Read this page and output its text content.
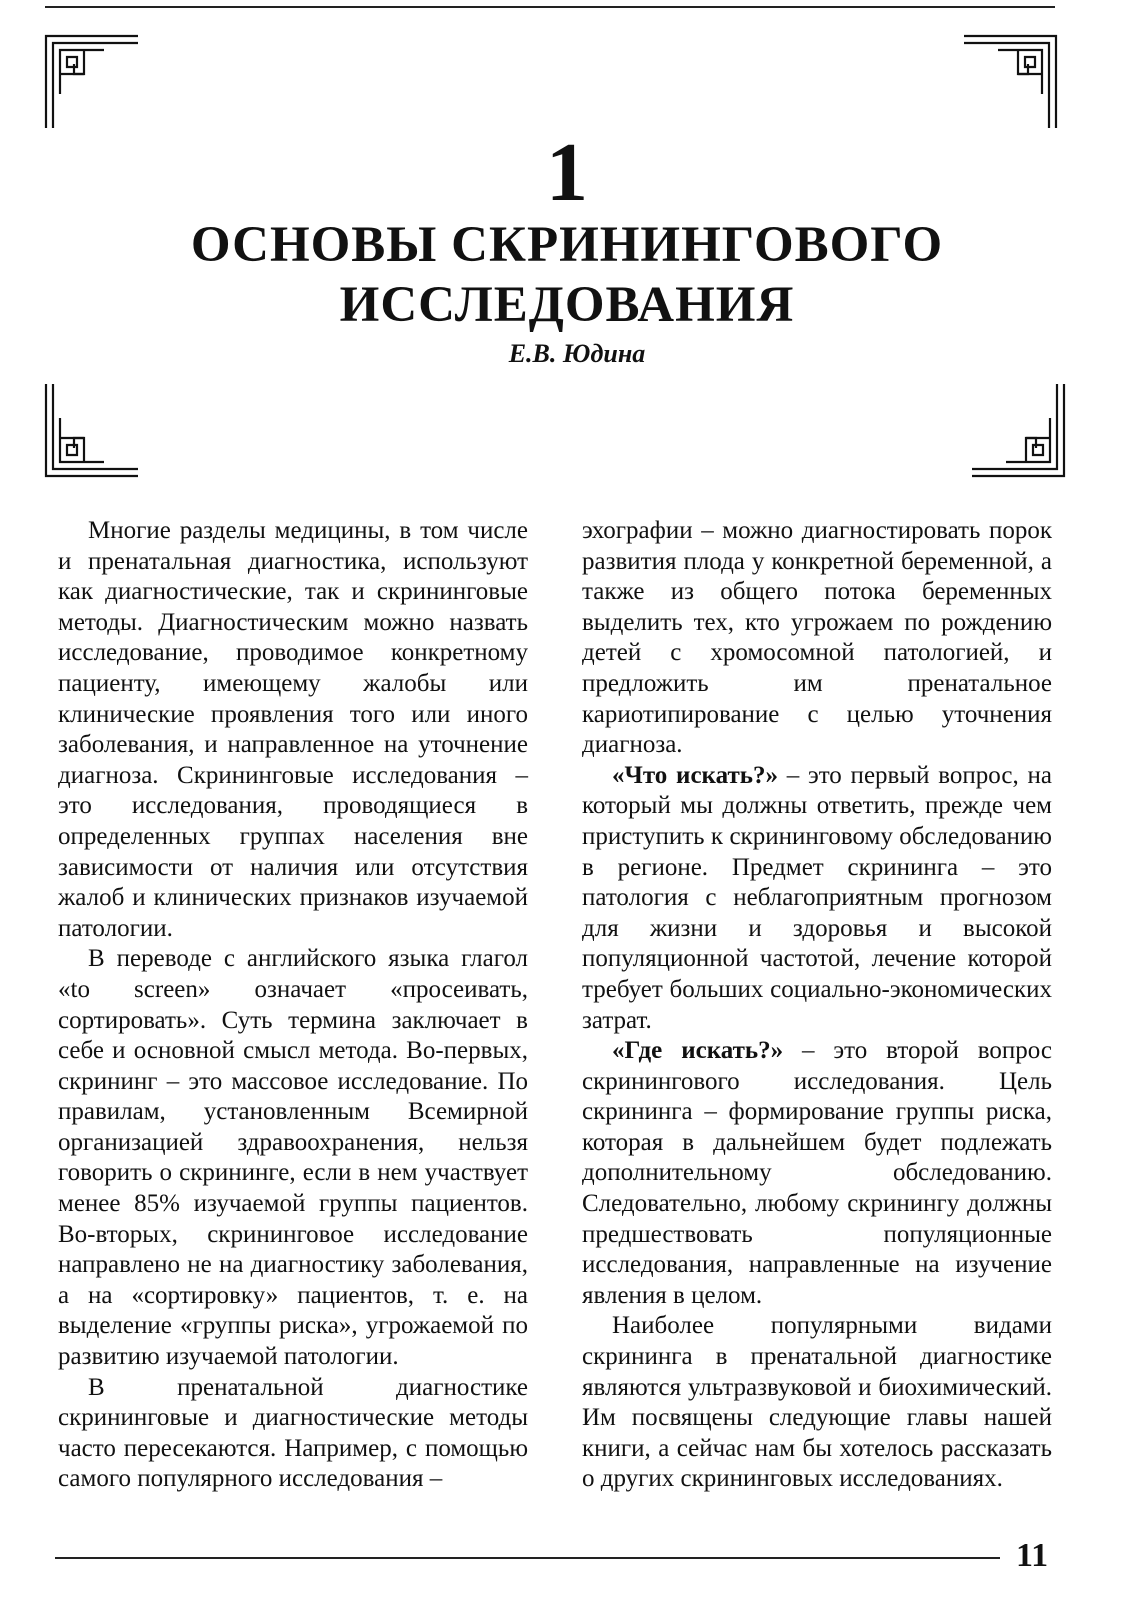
1
ОСНОВЫ СКРИНИНГОВОГО
ИССЛЕДОВАНИЯ
Е.В. Юдина

Многие разделы медицины, в том числе и пренатальная диагностика, используют как диагностические, так и скрининговые методы. Диагностическим можно назвать исследование, проводимое конкретному пациенту, имеющему жалобы или клинические проявления того или иного заболевания, и направленное на уточнение диагноза. Скрининговые исследования – это исследования, проводящиеся в определенных группах населения вне зависимости от наличия или отсутствия жалоб и клинических признаков изучаемой патологии.

В переводе с английского языка глагол «to screen» означает «просеивать, сортировать». Суть термина заключает в себе и основной смысл метода. Во-первых, скрининг – это массовое исследование. По правилам, установленным Всемирной организацией здравоохранения, нельзя говорить о скрининге, если в нем участвует менее 85% изучаемой группы пациентов. Во-вторых, скрининговое исследование направлено не на диагностику заболевания, а на «сортировку» пациентов, т. е. на выделение «группы риска», угрожаемой по развитию изучаемой патологии.

В пренатальной диагностике скрининговые и диагностические методы часто пересекаются. Например, с помощью самого популярного исследования –

эхографии – можно диагностировать порок развития плода у конкретной беременной, а также из общего потока беременных выделить тех, кто угрожаем по рождению детей с хромосомной патологией, и предложить им пренатальное кариотипирование с целью уточнения диагноза.

«Что искать?» – это первый вопрос, на который мы должны ответить, прежде чем приступить к скрининговому обследованию в регионе. Предмет скрининга – это патология с неблагоприятным прогнозом для жизни и здоровья и высокой популяционной частотой, лечение которой требует больших социально-экономических затрат.

«Где искать?» – это второй вопрос скринингового исследования. Цель скрининга – формирование группы риска, которая в дальнейшем будет подлежать дополнительному обследованию. Следовательно, любому скринингу должны предшествовать популяционные исследования, направленные на изучение явления в целом.

Наиболее популярными видами скрининга в пренатальной диагностике являются ультразвуковой и биохимический. Им посвящены следующие главы нашей книги, а сейчас нам бы хотелось рассказать о других скрининговых исследованиях.

11
